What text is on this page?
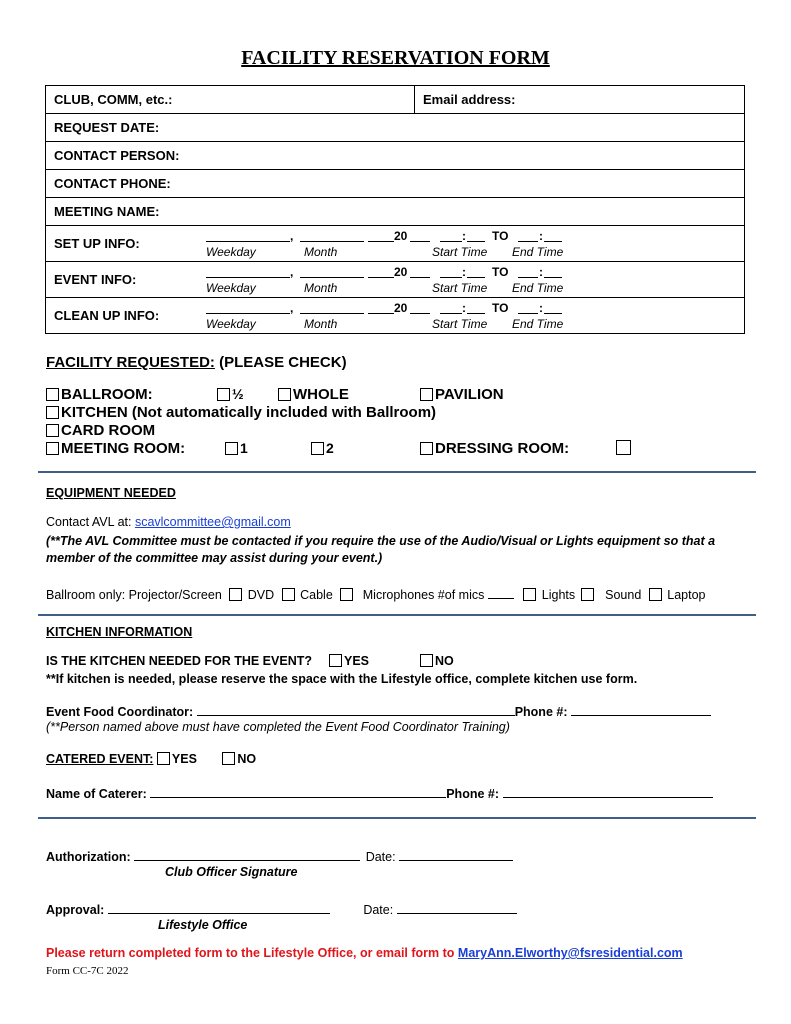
FACILITY RESERVATION FORM
CLUB, COMM, etc.:	Email address:
REQUEST DATE:
CONTACT PERSON:
CONTACT PHONE:
MEETING NAME:

SET UP INFO:	,	20	: TO	:
Weekday	Month	Start Time End Time

EVENT INFO:	,	20	: TO	:
Weekday	Month	Start Time End Time

CLEAN UP INFO:	,	20	: TO	:
Weekday	Month	Start Time End Time
FACILITY REQUESTED: (PLEASE CHECK)
BALLROOM:	½	WHOLE	PAVILION
KITCHEN (Not automatically included with Ballroom)
CARD ROOM
MEETING ROOM:	1	2	DRESSING ROOM:
EQUIPMENT NEEDED
Contact AVL at: scavlcommittee@gmail.com
(**The AVL Committee must be contacted if you require the use of the Audio/Visual or Lights equipment so that a
member of the committee may assist during your event.)
Ballroom only: Projector/Screen DVD Cable Microphones #of mics	Lights Sound Laptop
KITCHEN INFORMATION
IS THE KITCHEN NEEDED FOR THE EVENT?	YES	NO
**If kitchen is needed, please reserve the space with the Lifestyle office, complete kitchen use form.
Event Food Coordinator:	Phone #:
(**Person named above must have completed the Event Food Coordinator Training)
CATERED EVENT: YES	NO
Name of Caterer:	Phone #:
Authorization:	Date:
Club Officer Signature
Approval:	Date:
Lifestyle Office
Please return completed form to the Lifestyle Office, or email form to MaryAnn.Elworthy@fsresidential.com
Form CC-7C 2022
